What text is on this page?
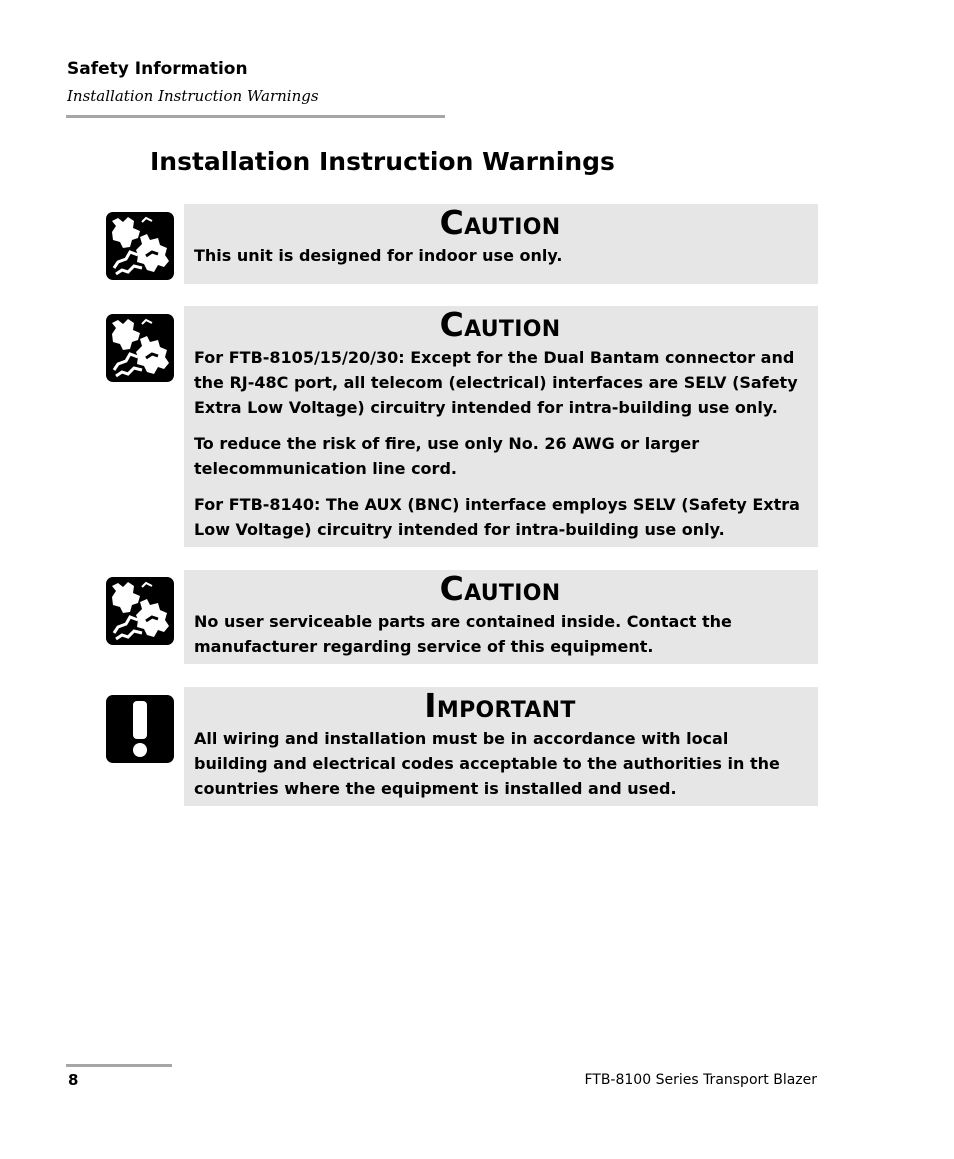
Safety Information
Installation Instruction Warnings
Installation Instruction Warnings
CAUTION

This unit is designed for indoor use only.

CAUTION

For FTB-8105/15/20/30: Except for the Dual Bantam connector and the RJ-48C port, all telecom (electrical) interfaces are SELV (Safety Extra Low Voltage) circuitry intended for intra-building use only.

To reduce the risk of fire, use only No. 26 AWG or larger telecommunication line cord.

For FTB-8140: The AUX (BNC) interface employs SELV (Safety Extra Low Voltage) circuitry intended for intra-building use only.

CAUTION

No user serviceable parts are contained inside. Contact the manufacturer regarding service of this equipment.

IMPORTANT

All wiring and installation must be in accordance with local building and electrical codes acceptable to the authorities in the countries where the equipment is installed and used.

8	FTB-8100 Series Transport Blazer
